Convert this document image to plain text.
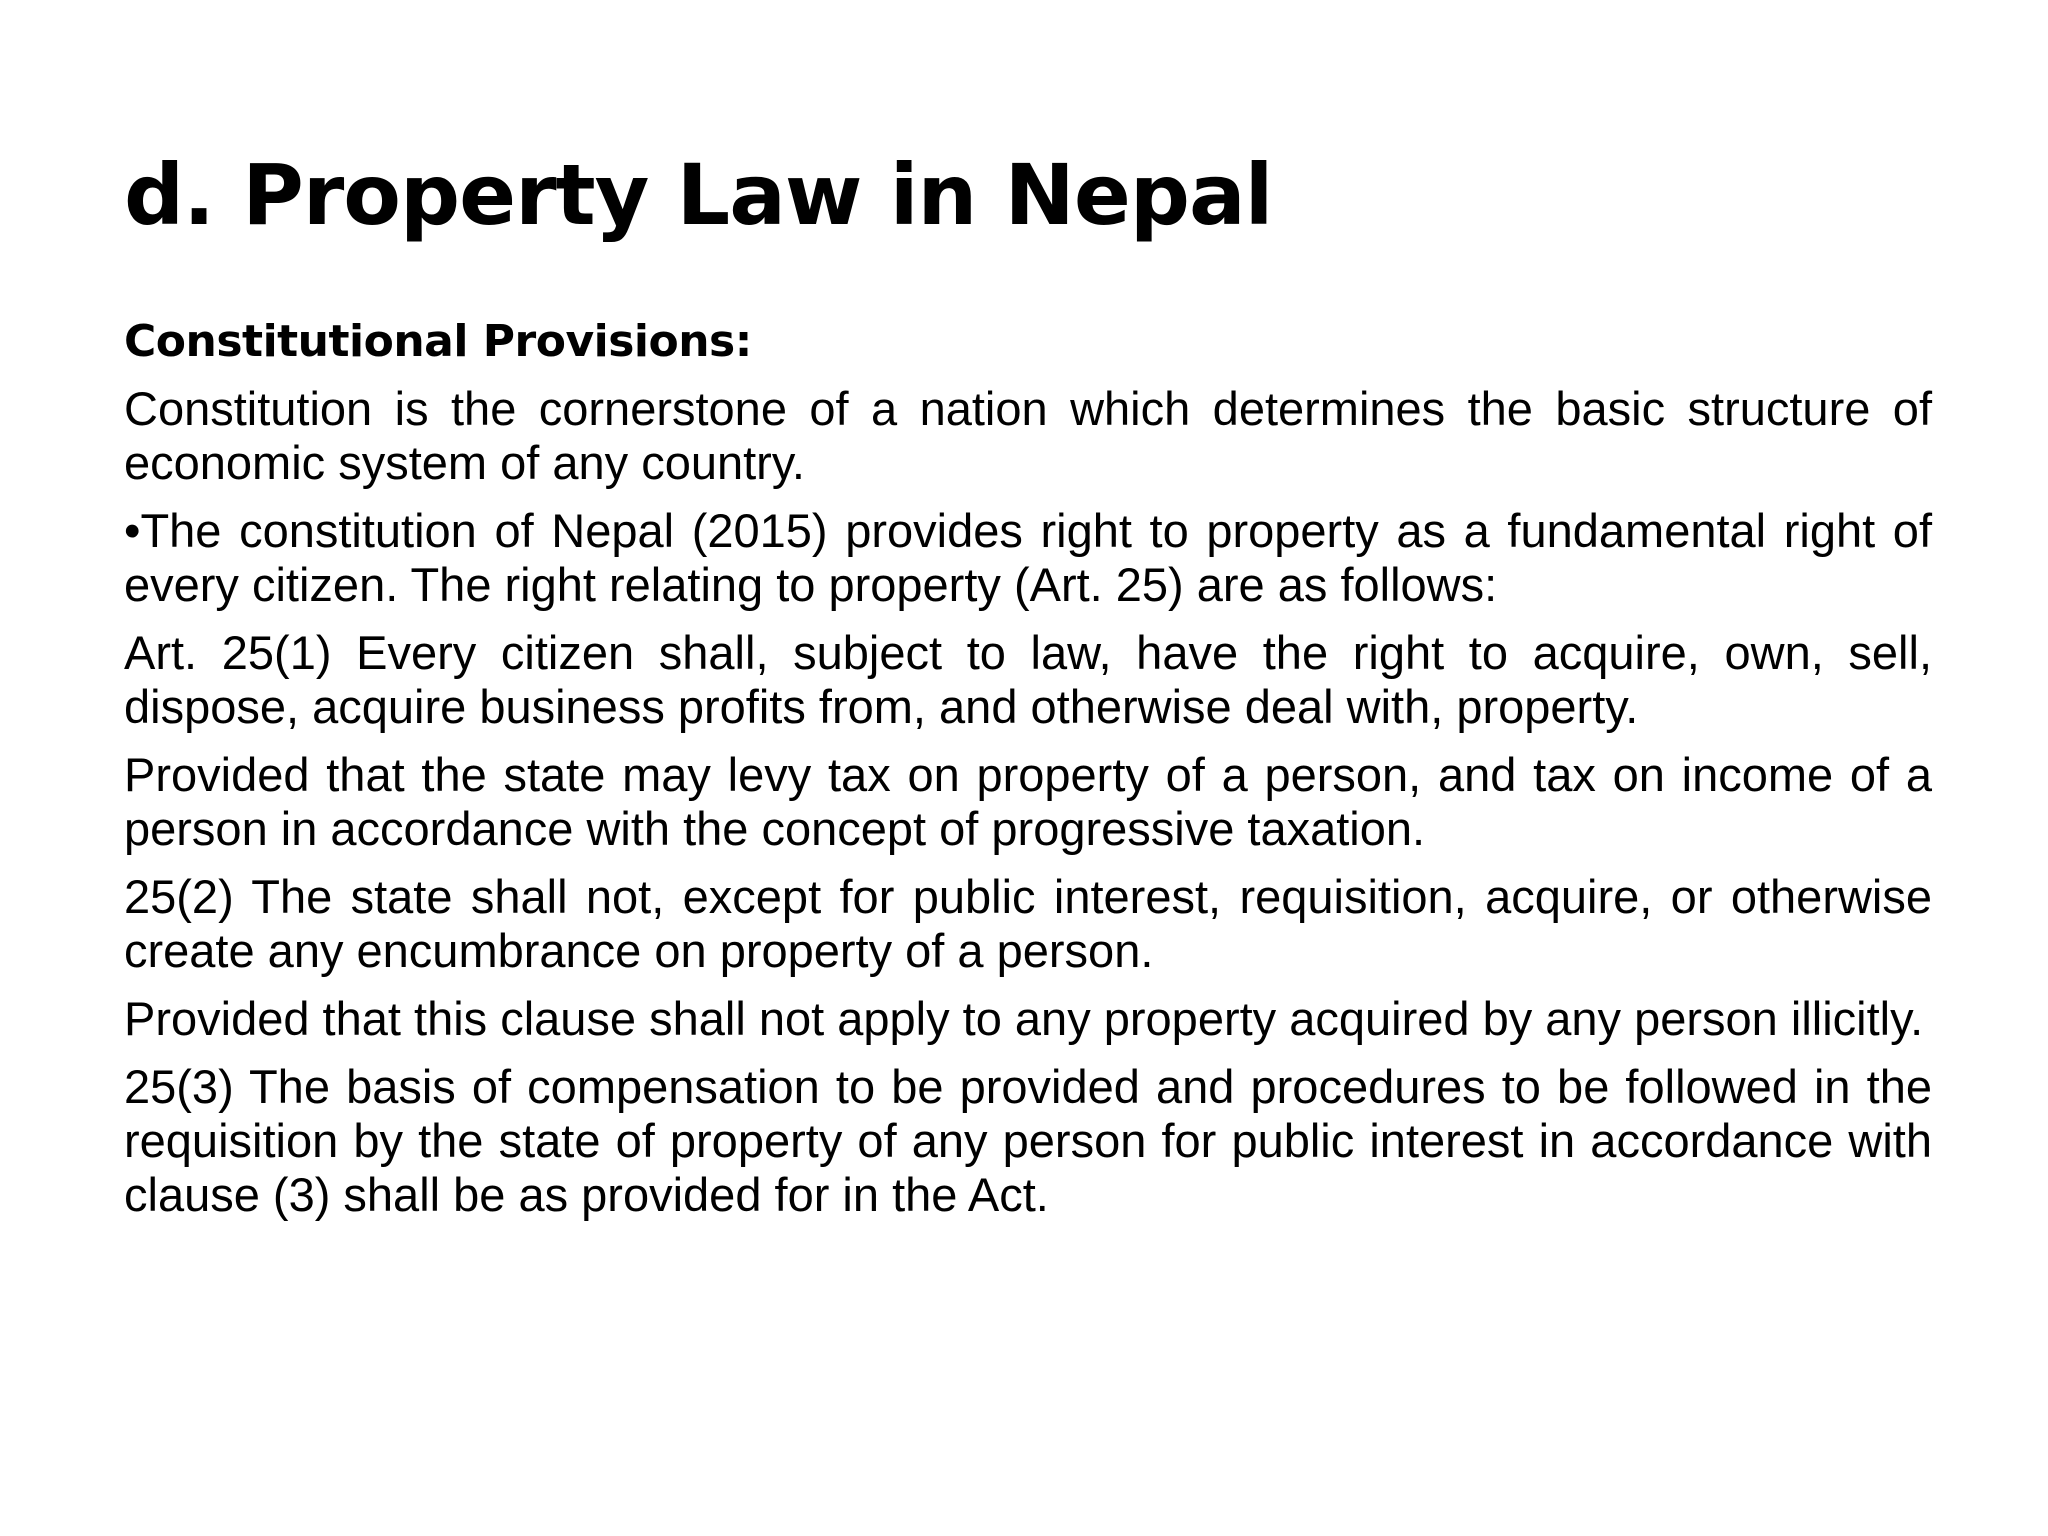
d. Property Law in Nepal

Constitutional Provisions:

Constitution is the cornerstone of a nation which determines the basic structure of economic system of any country.

•The constitution of Nepal (2015) provides right to property as a fundamental right of every citizen. The right relating to property (Art. 25) are as follows:

Art. 25(1) Every citizen shall, subject to law, have the right to acquire, own, sell, dispose, acquire business profits from, and otherwise deal with, property.

Provided that the state may levy tax on property of a person, and tax on income of a person in accordance with the concept of progressive taxation.

25(2) The state shall not, except for public interest, requisition, acquire, or otherwise create any encumbrance on property of a person.

Provided that this clause shall not apply to any property acquired by any person illicitly.

25(3) The basis of compensation to be provided and procedures to be followed in the requisition by the state of property of any person for public interest in accordance with clause (3) shall be as provided for in the Act.
